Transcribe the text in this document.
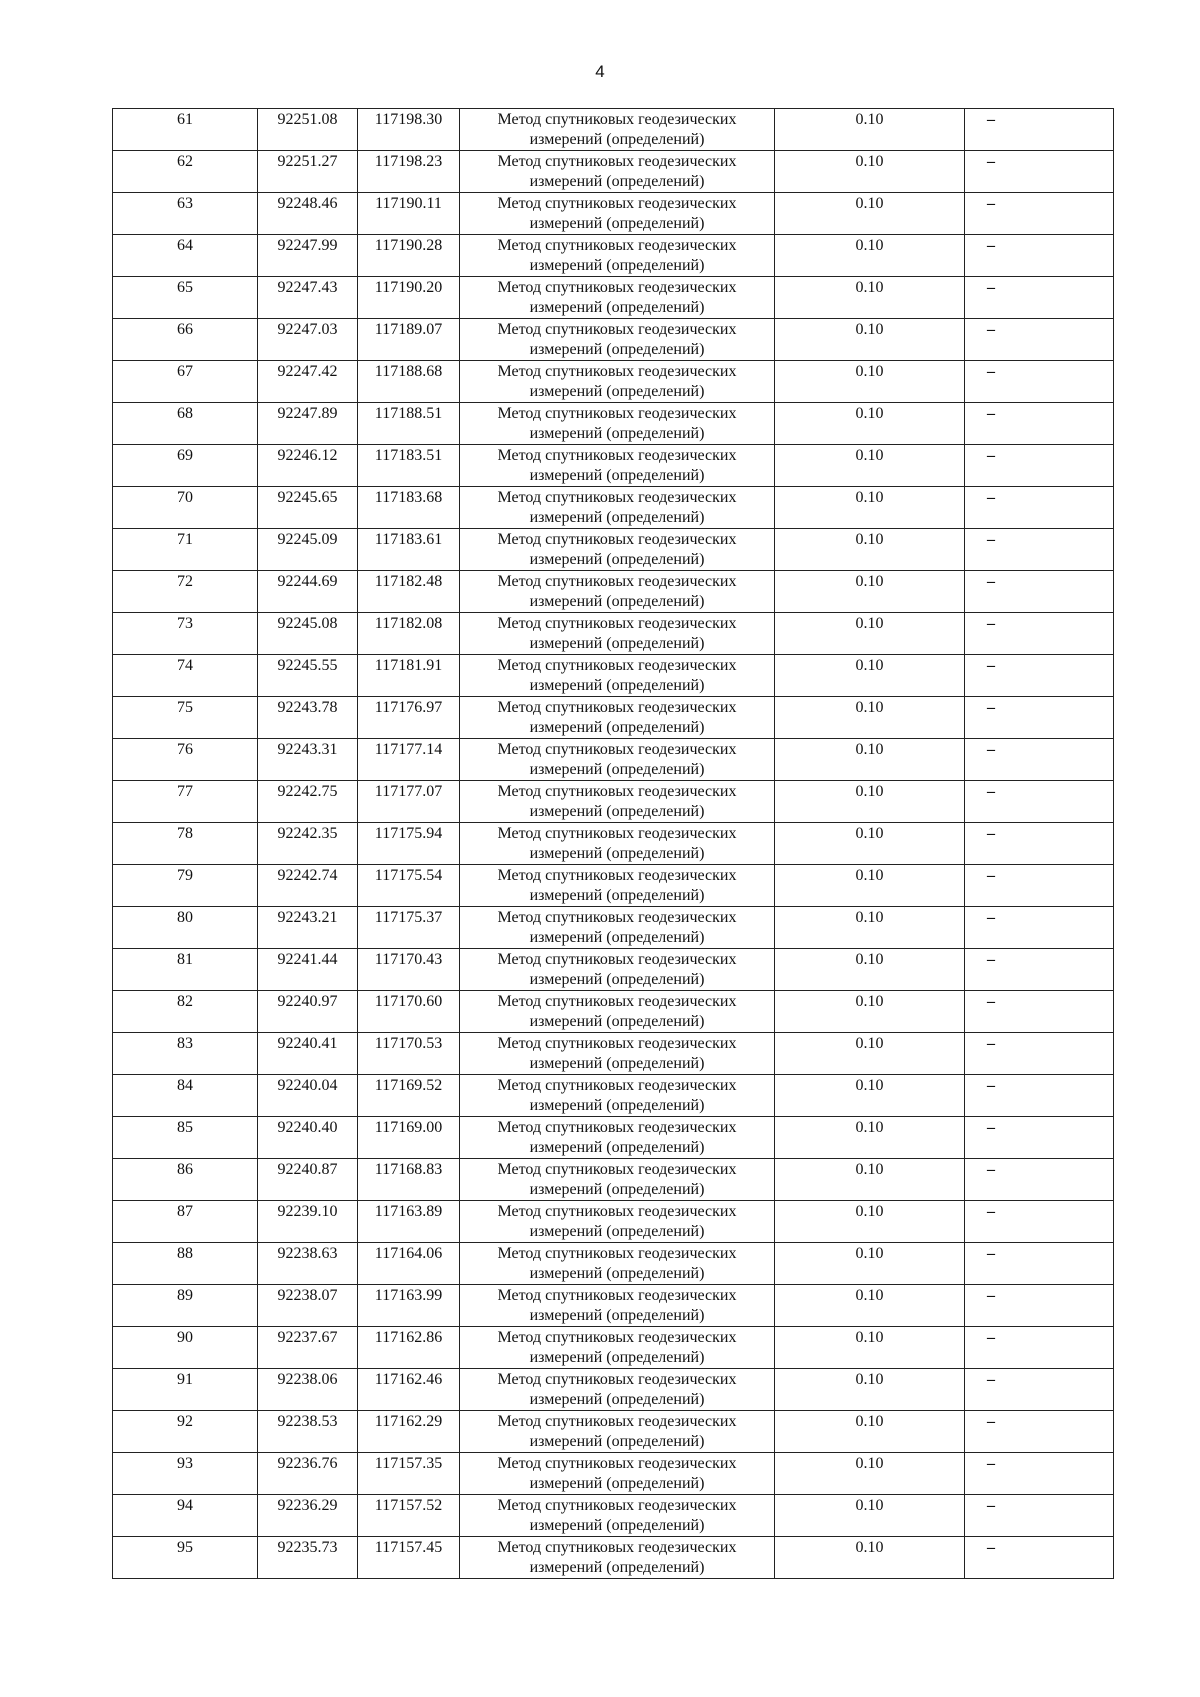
4
61	92251.08	117198.30	Метод спутниковых геодезических измерений (определений)	0.10	–

62	92251.27	117198.23	Метод спутниковых геодезических измерений (определений)	0.10	–

63	92248.46	117190.11	Метод спутниковых геодезических измерений (определений)	0.10	–

64	92247.99	117190.28	Метод спутниковых геодезических измерений (определений)	0.10	–

65	92247.43	117190.20	Метод спутниковых геодезических измерений (определений)	0.10	–

66	92247.03	117189.07	Метод спутниковых геодезических измерений (определений)	0.10	–

67	92247.42	117188.68	Метод спутниковых геодезических измерений (определений)	0.10	–

68	92247.89	117188.51	Метод спутниковых геодезических измерений (определений)	0.10	–

69	92246.12	117183.51	Метод спутниковых геодезических измерений (определений)	0.10	–

70	92245.65	117183.68	Метод спутниковых геодезических измерений (определений)	0.10	–

71	92245.09	117183.61	Метод спутниковых геодезических измерений (определений)	0.10	–

72	92244.69	117182.48	Метод спутниковых геодезических измерений (определений)	0.10	–

73	92245.08	117182.08	Метод спутниковых геодезических измерений (определений)	0.10	–

74	92245.55	117181.91	Метод спутниковых геодезических измерений (определений)	0.10	–

75	92243.78	117176.97	Метод спутниковых геодезических измерений (определений)	0.10	–

76	92243.31	117177.14	Метод спутниковых геодезических измерений (определений)	0.10	–

77	92242.75	117177.07	Метод спутниковых геодезических измерений (определений)	0.10	–

78	92242.35	117175.94	Метод спутниковых геодезических измерений (определений)	0.10	–

79	92242.74	117175.54	Метод спутниковых геодезических измерений (определений)	0.10	–

80	92243.21	117175.37	Метод спутниковых геодезических измерений (определений)	0.10	–

81	92241.44	117170.43	Метод спутниковых геодезических измерений (определений)	0.10	–

82	92240.97	117170.60	Метод спутниковых геодезических измерений (определений)	0.10	–

83	92240.41	117170.53	Метод спутниковых геодезических измерений (определений)	0.10	–

84	92240.04	117169.52	Метод спутниковых геодезических измерений (определений)	0.10	–

85	92240.40	117169.00	Метод спутниковых геодезических измерений (определений)	0.10	–

86	92240.87	117168.83	Метод спутниковых геодезических измерений (определений)	0.10	–

87	92239.10	117163.89	Метод спутниковых геодезических измерений (определений)	0.10	–

88	92238.63	117164.06	Метод спутниковых геодезических измерений (определений)	0.10	–

89	92238.07	117163.99	Метод спутниковых геодезических измерений (определений)	0.10	–

90	92237.67	117162.86	Метод спутниковых геодезических измерений (определений)	0.10	–

91	92238.06	117162.46	Метод спутниковых геодезических измерений (определений)	0.10	–

92	92238.53	117162.29	Метод спутниковых геодезических измерений (определений)	0.10	–

93	92236.76	117157.35	Метод спутниковых геодезических измерений (определений)	0.10	–

94	92236.29	117157.52	Метод спутниковых геодезических измерений (определений)	0.10	–

95	92235.73	117157.45	Метод спутниковых геодезических измерений (определений)	0.10	–
